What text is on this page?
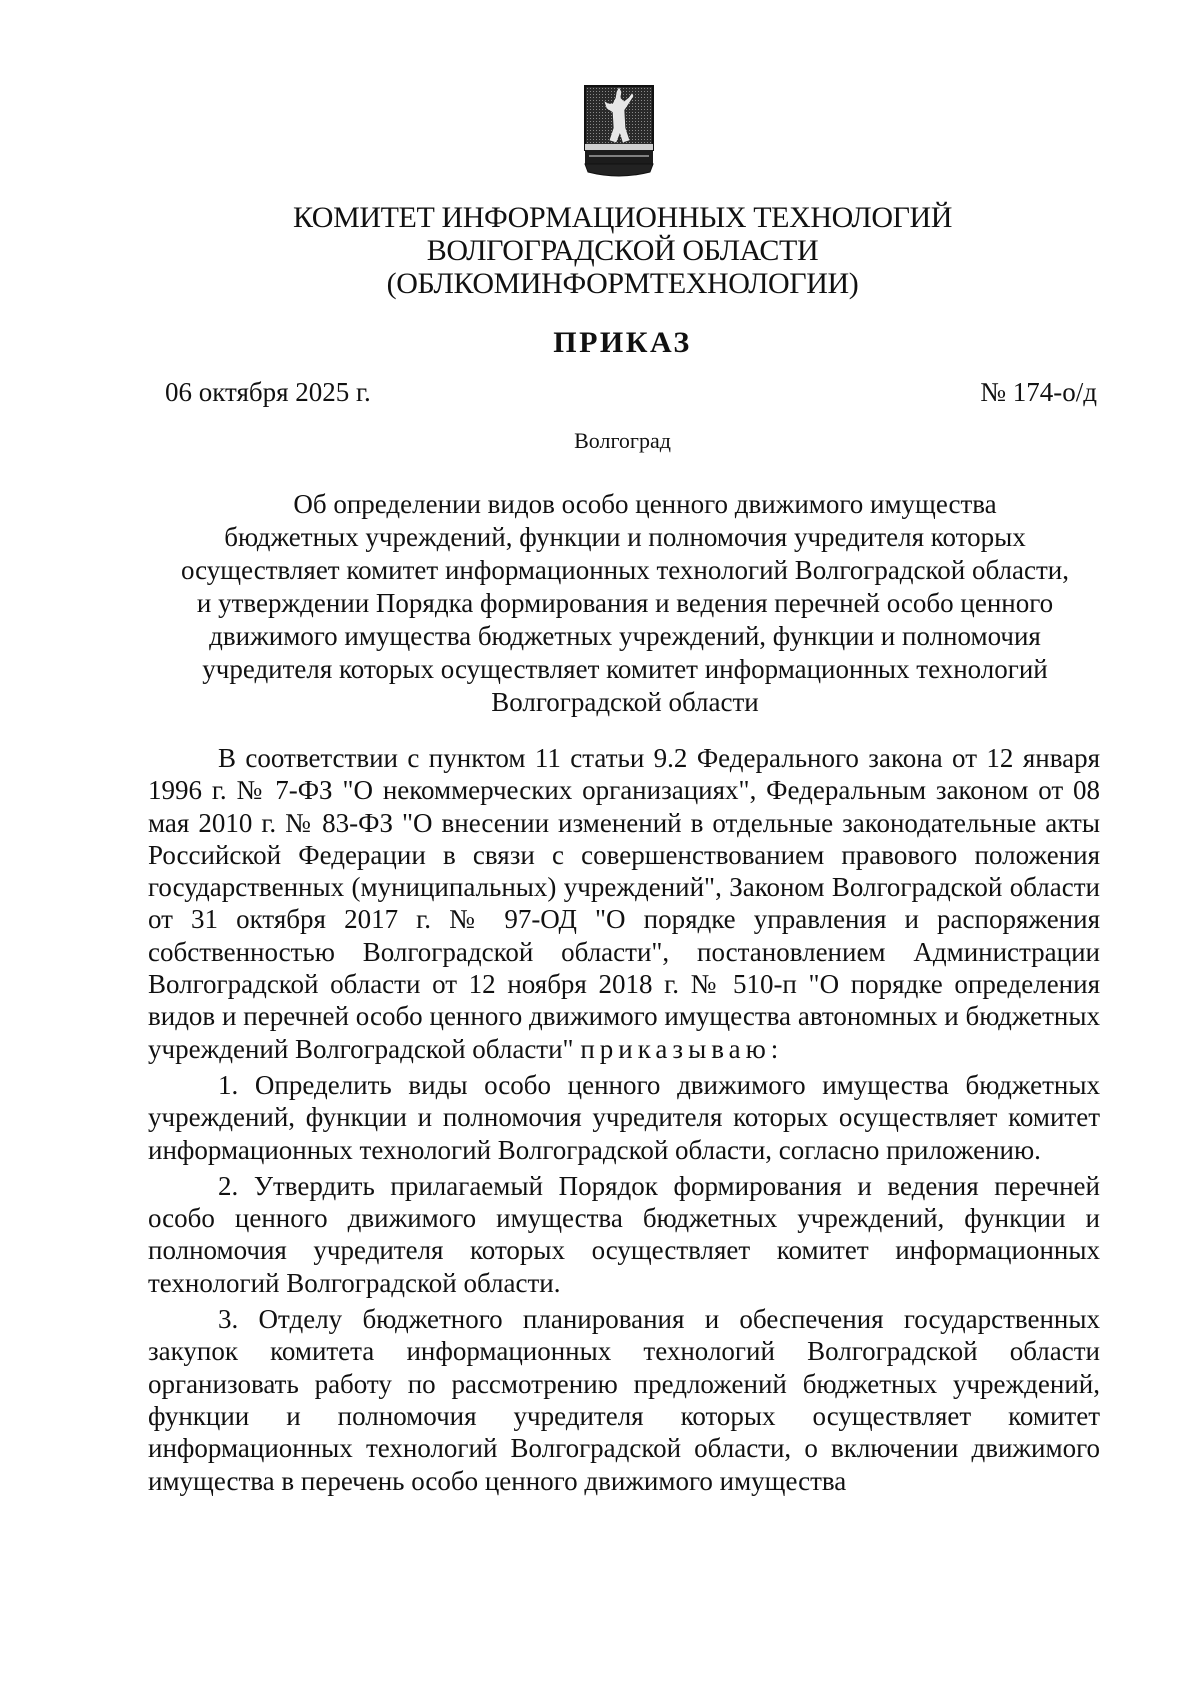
КОМИТЕТ ИНФОРМАЦИОННЫХ ТЕХНОЛОГИЙ
ВОЛГОГРАДСКОЙ ОБЛАСТИ
(ОБЛКОМИНФОРМТЕХНОЛОГИИ)
ПРИКАЗ
06 октября 2025 г.	№ 174-о/д
Волгоград
Об определении видов особо ценного движимого имущества
бюджетных учреждений, функции и полномочия учредителя которых
осуществляет комитет информационных технологий Волгоградской области,
и утверждении Порядка формирования и ведения перечней особо ценного
движимого имущества бюджетных учреждений, функции и полномочия
учредителя которых осуществляет комитет информационных технологий
Волгоградской области

В соответствии с пунктом 11 статьи 9.2 Федерального закона от 12 января 1996 г. № 7-ФЗ "О некоммерческих организациях", Федеральным законом от 08 мая 2010 г. № 83-ФЗ "О внесении изменений в отдельные законодательные акты Российской Федерации в связи с совершенствованием правового положения государственных (муниципальных) учреждений", Законом Волгоградской области от 31 октября 2017 г. № 97-ОД "О порядке управления и распоряжения собственностью Волгоградской области", постановлением Администрации Волгоградской области от 12 ноября 2018 г. № 510-п "О порядке определения видов и перечней особо ценного движимого имущества автономных и бюджетных учреждений Волгоградской области" приказываю:

1. Определить виды особо ценного движимого имущества бюджетных учреждений, функции и полномочия учредителя которых осуществляет комитет информационных технологий Волгоградской области, согласно приложению.

2. Утвердить прилагаемый Порядок формирования и ведения перечней особо ценного движимого имущества бюджетных учреждений, функции и полномочия учредителя которых осуществляет комитет информационных технологий Волгоградской области.

3. Отделу бюджетного планирования и обеспечения государственных закупок комитета информационных технологий Волгоградской области организовать работу по рассмотрению предложений бюджетных учреждений, функции и полномочия учредителя которых осуществляет комитет информационных технологий Волгоградской области, о включении движимого имущества в перечень особо ценного движимого имущества
